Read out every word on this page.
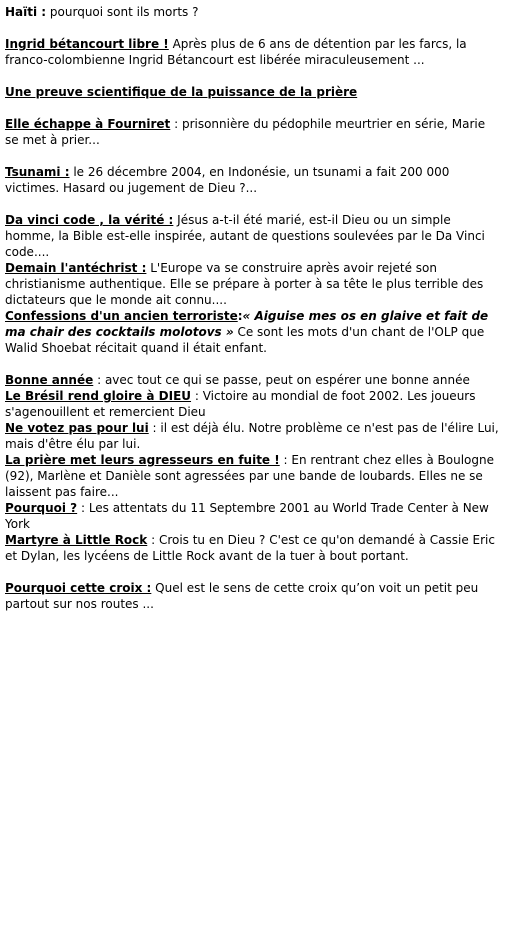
Haïti : pourquoi sont ils morts ?

Ingrid bétancourt libre ! Après plus de 6 ans de détention par les farcs, la franco-colombienne Ingrid Bétancourt est libérée miraculeusement ...

Une preuve scientifique de la puissance de la prière

Elle échappe à Fourniret : prisonnière du pédophile meurtrier en série, Marie se met à prier...

Tsunami : le 26 décembre 2004, en Indonésie, un tsunami a fait 200 000 victimes. Hasard ou jugement de Dieu ?...

Da vinci code , la vérité : Jésus a-t-il été marié, est-il Dieu ou un simple homme, la Bible est-elle inspirée, autant de questions soulevées par le Da Vinci code....

Demain l'antéchrist : L'Europe va se construire après avoir rejeté son christianisme authentique. Elle se prépare à porter à sa tête le plus terrible des dictateurs que le monde ait connu....

Confessions d'un ancien terroriste:« Aiguise mes os en glaive et fait de ma chair des cocktails molotovs » Ce sont les mots d'un chant de l'OLP que Walid Shoebat récitait quand il était enfant.

Bonne année : avec tout ce qui se passe, peut on espérer une bonne année

Le Brésil rend gloire à DIEU : Victoire au mondial de foot 2002. Les joueurs s'agenouillent et remercient Dieu

Ne votez pas pour lui : il est déjà élu. Notre problème ce n'est pas de l'élire Lui, mais d'être élu par lui.

La prière met leurs agresseurs en fuite ! : En rentrant chez elles à Boulogne (92), Marlène et Danièle sont agressées par une bande de loubards. Elles ne se laissent pas faire...

Pourquoi ? : Les attentats du 11 Septembre 2001 au World Trade Center à New York

Martyre à Little Rock : Crois tu en Dieu ? C'est ce qu'on demandé à Cassie Eric et Dylan, les lycéens de Little Rock avant de la tuer à bout portant.

Pourquoi cette croix : Quel est le sens de cette croix qu’on voit un petit peu partout sur nos routes ...
